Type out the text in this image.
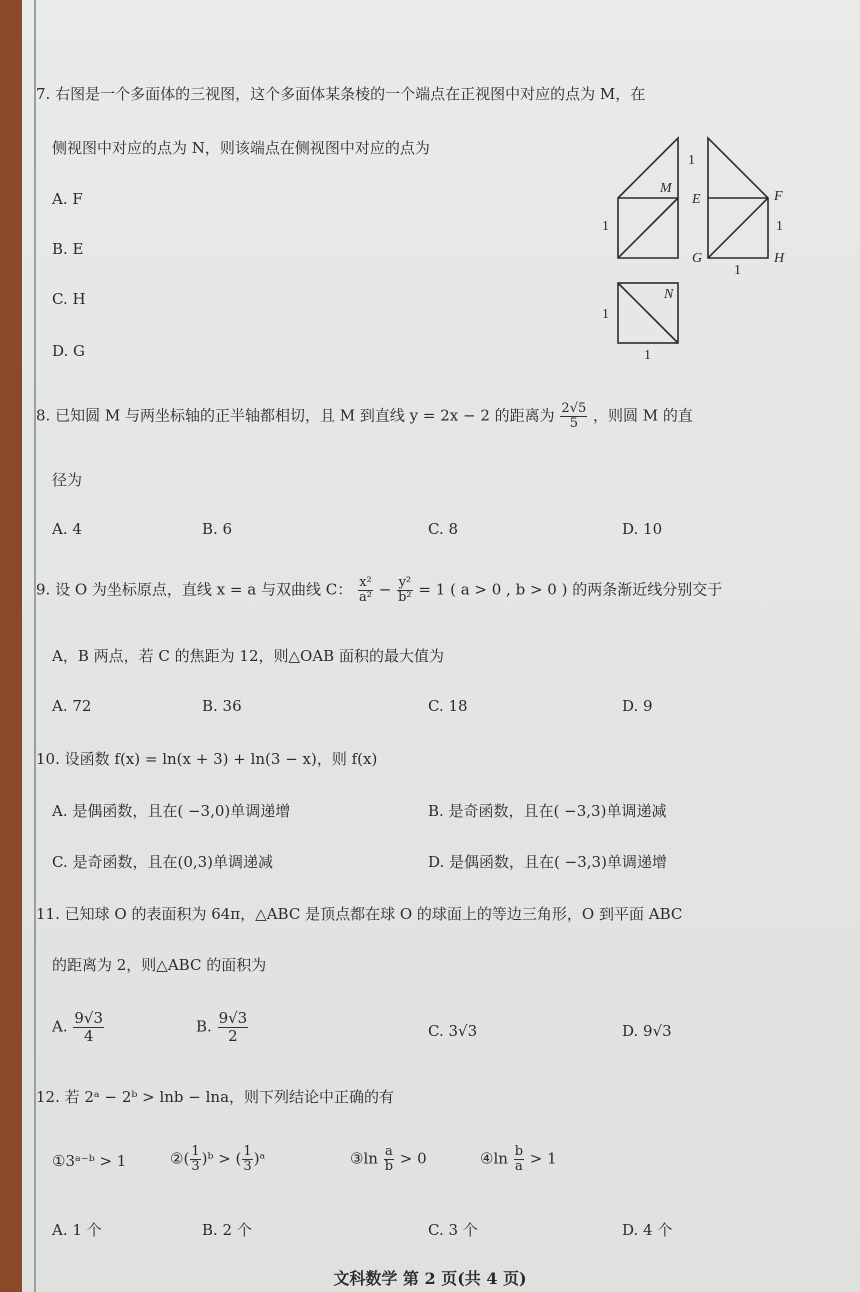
7. 右图是一个多面体的三视图，这个多面体某条棱的一个端点在正视图中对应的点为 M，在
侧视图中对应的点为 N，则该端点在侧视图中对应的点为
A. F
B. E
C. H
D. G
M
E	F
G	H
N
1
1	1
1
1
1
8. 已知圆 M 与两坐标轴的正半轴都相切，且 M 到直线 y = 2x − 2 的距离为 $\frac{2√5}{5}$ ，则圆 M 的直
径为
A. 4	B. 6	C. 8	D. 10
9. 设 O 为坐标原点，直线 x = a 与双曲线 C： $\frac{\text{x²}}{\text{a²}} - \frac{\text{y²}}{\text{b²}} = 1$ ( a > 0 , b > 0 ) 的两条渐近线分别交于
A，B 两点，若 C 的焦距为 12，则△OAB 面积的最大值为
A. 72	B. 36	C. 18	D. 9
10. 设函数 f(x) = ln(x + 3) + ln(3 − x)，则 f(x)
A. 是偶函数，且在( −3,0)单调递增	B. 是奇函数，且在( −3,3)单调递减
C. 是奇函数，且在(0,3)单调递减	D. 是偶函数，且在( −3,3)单调递增
11. 已知球 O 的表面积为 64π，△ABC 是顶点都在球 O 的球面上的等边三角形，O 到平面 ABC
的距离为 2，则△ABC 的面积为
A. $\frac{9√3}{4}$	B. $\frac{9√3}{2}$	C. 3√3	D. 9√3
12. 若 2ᵃ − 2ᵇ > lnb − lna，则下列结论中正确的有
①3ᵃ⁻ᵇ > 1	②( $\frac{1}{3}$ )ᵇ > ( $\frac{1}{3}$ )ᵃ	③ln $\frac{a}{b} > 0$	④ln $\frac{b}{a} > 1$
A. 1 个	B. 2 个	C. 3 个	D. 4 个
文科数学 第 2 页(共 4 页)
